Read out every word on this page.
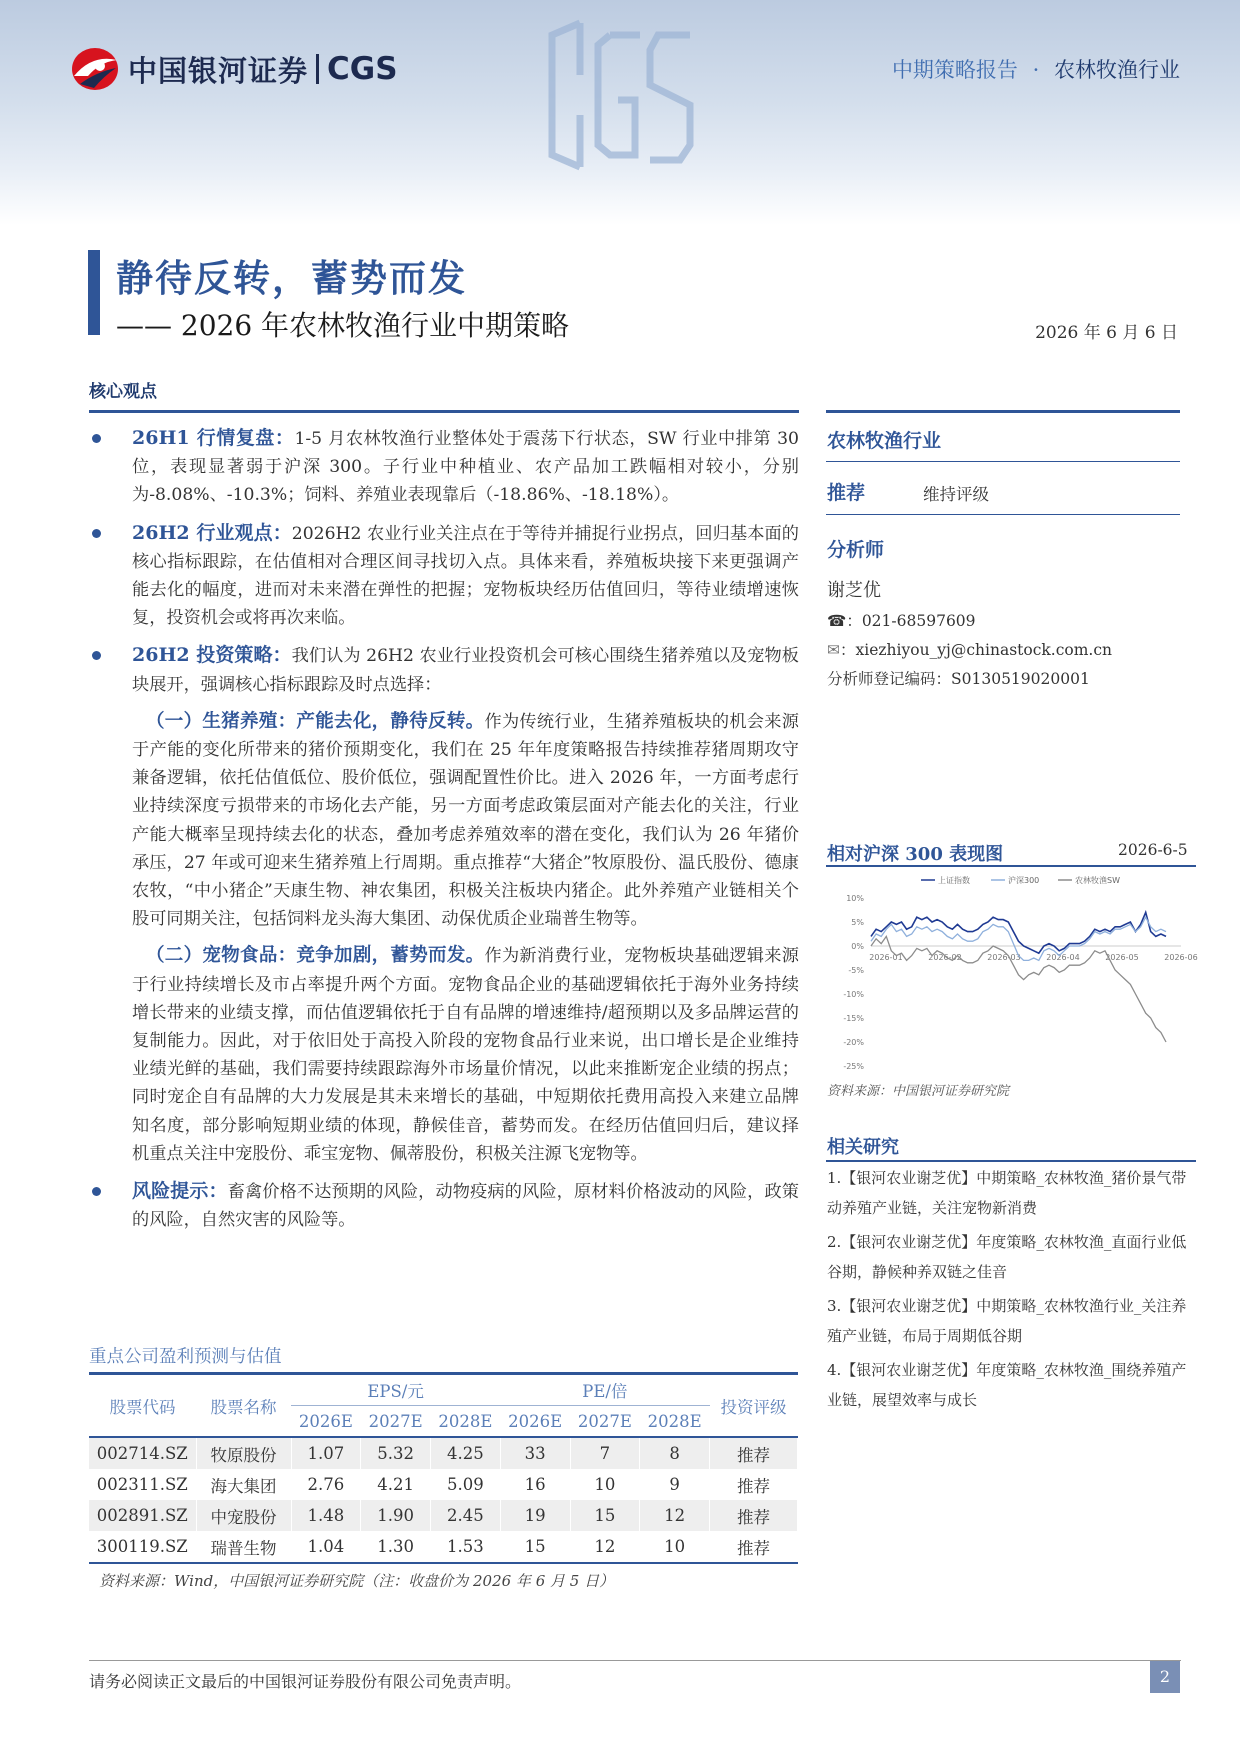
中国银河证券 CGS	中期策略报告 · 农林牧渔行业
静待反转，蓄势而发
—— 2026 年农林牧渔行业中期策略	2026 年 6 月 6 日
核心观点
26H1 行情复盘：1-5 月农林牧渔行业整体处于震荡下行状态，SW 行业中排第 30 位，表现显著弱于沪深 300。子行业中种植业、农产品加工跌幅相对较小，分别为-8.08%、-10.3%；饲料、养殖业表现靠后（-18.86%、-18.18%）。
26H2 行业观点：2026H2 农业行业关注点在于等待并捕捉行业拐点，回归基本面的核心指标跟踪，在估值相对合理区间寻找切入点。具体来看，养殖板块接下来更强调产能去化的幅度，进而对未来潜在弹性的把握；宠物板块经历估值回归，等待业绩增速恢复，投资机会或将再次来临。
26H2 投资策略：我们认为 26H2 农业行业投资机会可核心围绕生猪养殖以及宠物板块展开，强调核心指标跟踪及时点选择：
（一）生猪养殖：产能去化，静待反转。作为传统行业，生猪养殖板块的机会来源于产能的变化所带来的猪价预期变化，我们在 25 年年度策略报告持续推荐猪周期攻守兼备逻辑，依托估值低位、股价低位，强调配置性价比。进入 2026 年，一方面考虑行业持续深度亏损带来的市场化去产能，另一方面考虑政策层面对产能去化的关注，行业产能大概率呈现持续去化的状态，叠加考虑养殖效率的潜在变化，我们认为 26 年猪价承压，27 年或可迎来生猪养殖上行周期。重点推荐“大猪企”牧原股份、温氏股份、德康农牧，“中小猪企”天康生物、神农集团，积极关注板块内猪企。此外养殖产业链相关个股可同期关注，包括饲料龙头海大集团、动保优质企业瑞普生物等。
（二）宠物食品：竞争加剧，蓄势而发。作为新消费行业，宠物板块基础逻辑来源于行业持续增长及市占率提升两个方面。宠物食品企业的基础逻辑依托于海外业务持续增长带来的业绩支撑，而估值逻辑依托于自有品牌的增速维持/超预期以及多品牌运营的复制能力。因此，对于依旧处于高投入阶段的宠物食品行业来说，出口增长是企业维持业绩光鲜的基础，我们需要持续跟踪海外市场量价情况，以此来推断宠企业绩的拐点；同时宠企自有品牌的大力发展是其未来增长的基础，中短期依托费用高投入来建立品牌知名度，部分影响短期业绩的体现，静候佳音，蓄势而发。在经历估值回归后，建议择机重点关注中宠股份、乖宝宠物、佩蒂股份，积极关注源飞宠物等。
风险提示：畜禽价格不达预期的风险，动物疫病的风险，原材料价格波动的风险，政策的风险，自然灾害的风险等。
重点公司盈利预测与估值
股票代码	股票名称	EPS/元			PE/倍			投资评级
		2026E	2027E	2028E	2026E	2027E	2028E	
002714.SZ	牧原股份	1.07	5.32	4.25	33	7	8	推荐
002311.SZ	海大集团	2.76	4.21	5.09	16	10	9	推荐
002891.SZ	中宠股份	1.48	1.90	2.45	19	15	12	推荐
300119.SZ	瑞普生物	1.04	1.30	1.53	15	12	10	推荐
资料来源：Wind，中国银河证券研究院（注：收盘价为 2026 年 6 月 5 日）
农林牧渔行业
推荐	维持评级
分析师
谢芝优
☎：021-68597609
✉：xiezhiyou_yj@chinastock.com.cn
分析师登记编码：S0130519020001
相对沪深 300 表现图	2026-6-5
上证指数	沪深300	农林牧渔SW
10%
5%
0%
-5%
-10%
-15%
-20%
-25%
2026-01	2026-02	2026-03	2026-04	2026-05	2026-06
资料来源：中国银河证券研究院
相关研究
1.【银河农业谢芝优】中期策略_农林牧渔_猪价景气带动养殖产业链，关注宠物新消费
2.【银河农业谢芝优】年度策略_农林牧渔_直面行业低谷期，静候种养双链之佳音
3.【银河农业谢芝优】中期策略_农林牧渔行业_关注养殖产业链，布局于周期低谷期
4.【银河农业谢芝优】年度策略_农林牧渔_围绕养殖产业链，展望效率与成长
请务必阅读正文最后的中国银河证券股份有限公司免责声明。	2
